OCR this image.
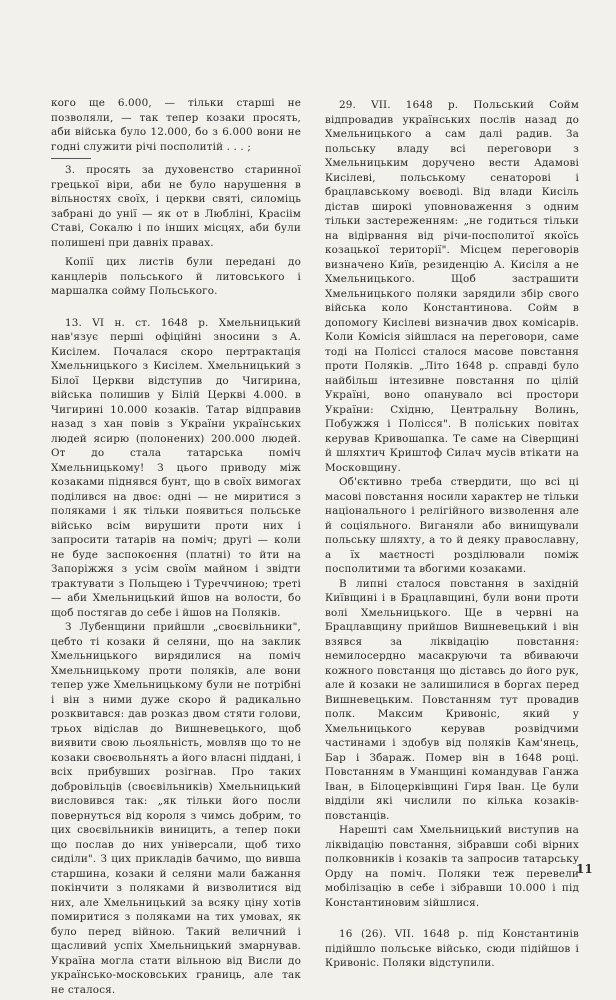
кого ще 6.000, — тільки старші не позволяли, — так тепер козаки просять, аби війська було 12.000, бо з 6.000 вони не годні служити річі посполитій . . . ;

3. просять за духовенство старинної грецької віри, аби не було нарушення в вільностях своїх, і церкви святі, силоміць забрані до унії — як от в Любліні, Красіім Ставі, Сокалю і по інших місцях, аби були полишені при давніх правах.

Копії цих листів були передані до канцлерів польського й литовського і маршалка сойму Польського.

13. VI н. ст. 1648 р. Хмельницький нав'язує перші офіційні зносини з А. Кисілем. Почалася скоро пертрактація Хмельницького з Кисілем. Хмельницький з Білої Церкви відступив до Чигирина, війська полишив у Білій Церкві 4.000. в Чигирині 10.000 козаків. Татар відправив назад з хан повів з України українських людей ясирю (полонених) 200.000 людей. От до стала татарська поміч Хмельницькому! З цього приводу між козаками піднявся бунт, що в своїх вимогах поділився на двоє: одні — не миритися з поляками і як тільки появиться польське військо всім вирушити проти них і запросити татарів на поміч; другі — коли не буде заспокоєння (платні) то йти на Запоріжжя з усім своїм майном і звідти трактувати з Польщею і Туреччиною; треті — аби Хмельницький йшов на волости, бо щоб постягав до себе і йшов на Поляків.

З Лубенщини прийшли „своєвільники", цебто ті козаки й селяни, що на заклик Хмельницького вирядилися на поміч Хмельницькому проти поляків, але вони тепер уже Хмельницькому були не потрібні і він з ними дуже скоро й радикально розквитався: дав розказ двом стяти голови, трьох відіслав до Вишневецького, щоб виявити свою льояльність, мовляв що то не козаки своєвольнять а його власні піддані, і всіх прибувших розігнав. Про таких добровільців (своєвільників) Хмельницький висловився так: „як тільки його посли повернуться від короля з чимсь добрим, то цих своєвільників виницить, а тепер поки що послав до них універсали, щоб тихо сиділи". З цих прикладів бачимо, що вивша старшина, козаки й селяни мали бажання покінчити з поляками й визволитися від них, але Хмельницький за всяку ціну хотів помиритися з поляками на тих умовах, як було перед війною. Такий величний і щасливий успіх Хмельницький змарнував. Україна могла стати вільною від Висли до українсько-московських границь, але так не сталося.

29. VII. 1648 р. Польський Сойм відпровадив українських послів назад до Хмельницького а сам далі радив. За польську владу всі переговори з Хмельницьким доручено вести Адамові Кисілеві, польському сенаторові і брацлавському воєводі. Від влади Кисіль дістав широкі уповноваження з одним тільки застереженням: „не годиться тільки на відірвання від річи-посполитої якоїсь козацької території". Місцем переговорів визначено Київ, резиденцію А. Кисіля а не Хмельницького. Щоб застрашити Хмельницького поляки зарядили збір свого війська коло Константинова. Сойм в допомогу Кисілеві визначив двох комісарів. Коли Комісія зійшлася на переговори, саме тоді на Поліссі сталося масове повстання проти Поляків. „Літо 1648 р. справді було найбільш інтезивне повстання по цілій Україні, воно опанувало всі простори України: Східню, Центральну Волинь, Побужжя і Полісся". В поліських повітах керував Кривошапка. Те саме на Сіверщині й шляхтич Криштоф Силач мусів втікати на Московщину.

Об'єктивно треба ствердити, що всі ці масові повстання носили характер не тільки національного і релігійного визволення але й соціяльного. Виганяли або винищували польську шляхту, а то й деяку православну, а їх маєтності розділювали поміж посполитими та вбогими козаками.

В липні сталося повстання в західній Київщині і в Брацлавщині, були вони проти волі Хмельницького. Ще в червні на Брацлавщину прийшов Вишневецький і він взявся за ліквідацію повстання: немилосердно масакруючи та вбиваючи кожного повстанця що діставсь до його рук, але й козаки не залишилися в боргах перед Вишневецьким. Повстанням тут провадив полк. Максим Кривоніс, який у Хмельницького керував розвідчими частинами і здобув від поляків Кам'янець, Бар і Збараж. Помер він в 1648 році. Повстанням в Уманщині командував Ганжа Іван, в Білоцерківщині Гиря Іван. Це були відділи які числили по кілька козаків-повстанців.

Нарешті сам Хмельницький виступив на ліквідацію повстання, зібравши собі вірних полковників і козаків та запросив татарську Орду на поміч. Поляки теж перевели мобілізацію в себе і зібравши 10.000 і під Константиновим зійшлися.

16 (26). VII. 1648 р. під Константинів підійшло польське військо, сюди підійшов і Кривоніс. Поляки відступили.

11
